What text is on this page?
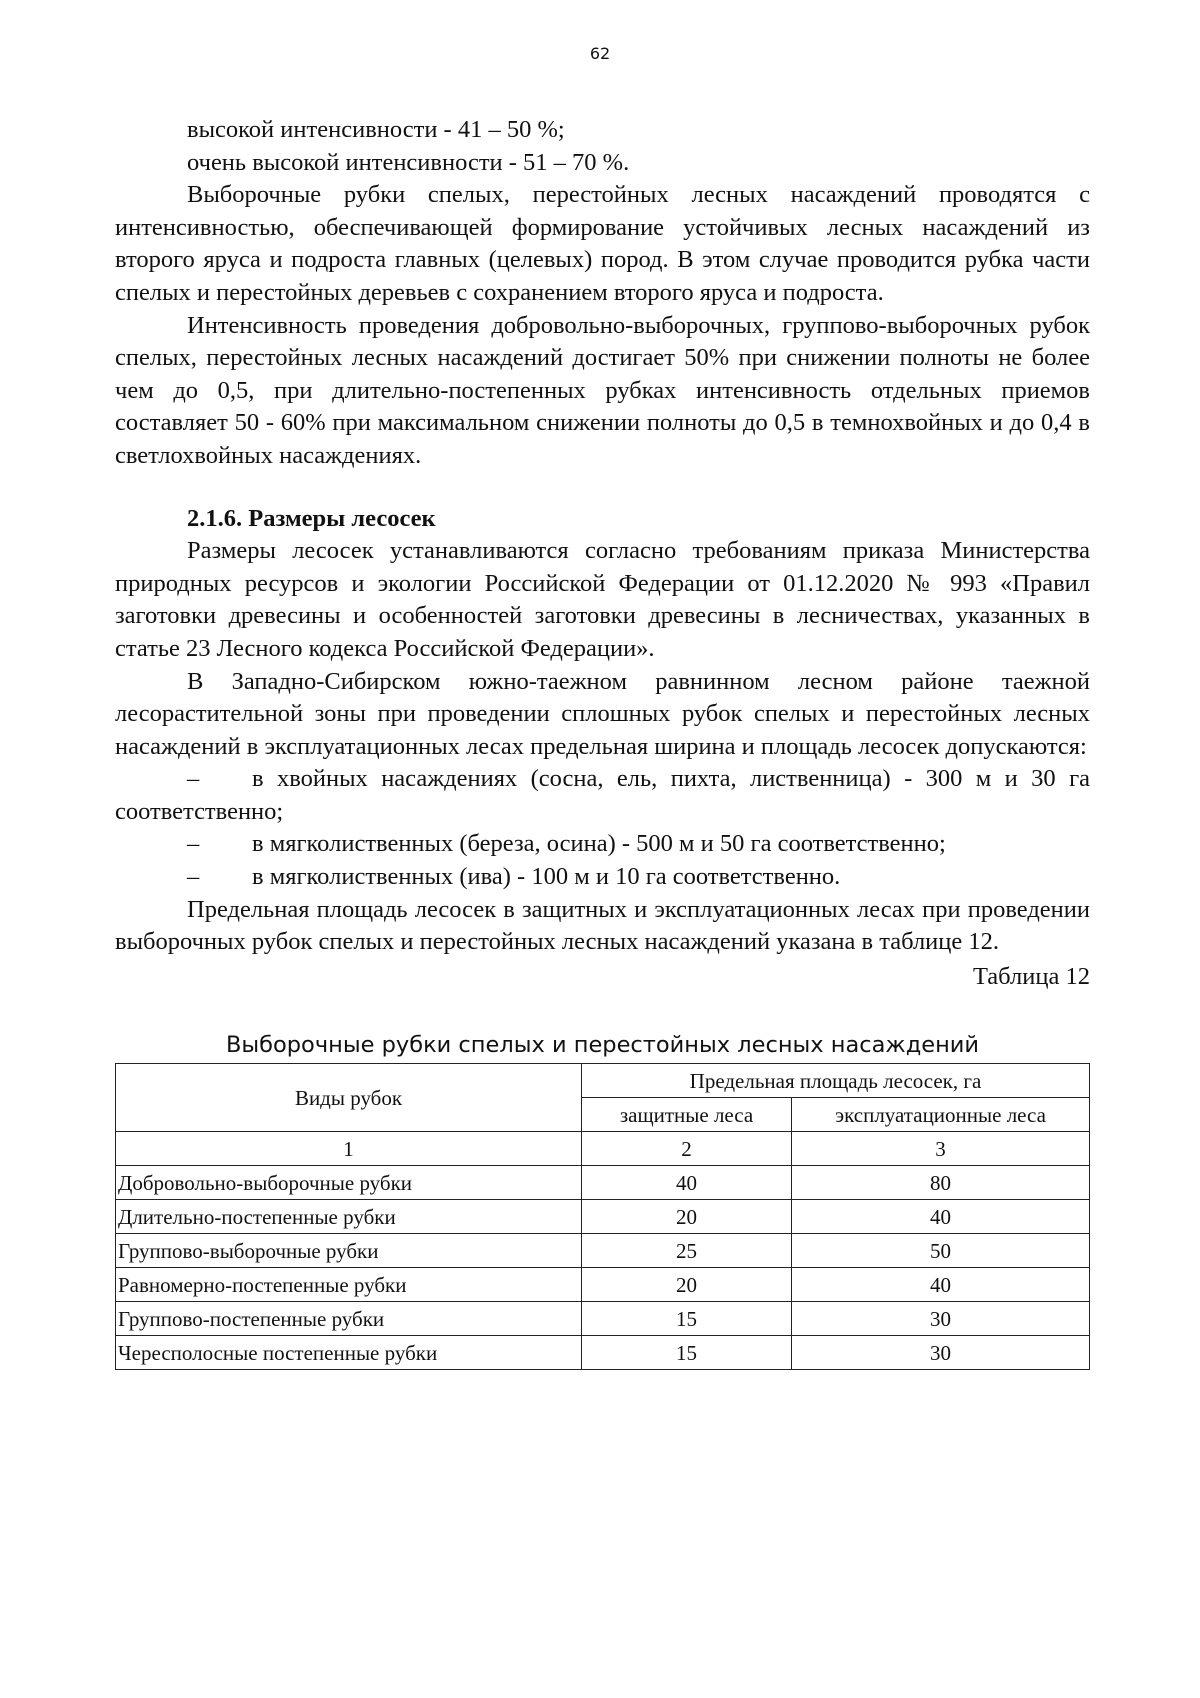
62

высокой интенсивности - 41 – 50 %;

очень высокой интенсивности - 51 – 70 %.

Выборочные рубки спелых, перестойных лесных насаждений проводятся с интенсивностью, обеспечивающей формирование устойчивых лесных насаждений из второго яруса и подроста главных (целевых) пород. В этом случае проводится рубка части спелых и перестойных деревьев с сохранением второго яруса и подроста.

Интенсивность проведения добровольно-выборочных, группово-выборочных рубок спелых, перестойных лесных насаждений достигает 50% при снижении полноты не более чем до 0,5, при длительно-постепенных рубках интенсивность отдельных приемов составляет 50 - 60% при максимальном снижении полноты до 0,5 в темнохвойных и до 0,4 в светлохвойных насаждениях.

2.1.6. Размеры лесосек

Размеры лесосек устанавливаются согласно требованиям приказа Министерства природных ресурсов и экологии Российской Федерации от 01.12.2020 № 993 «Правил заготовки древесины и особенностей заготовки древесины в лесничествах, указанных в статье 23 Лесного кодекса Российской Федерации».

В Западно-Сибирском южно-таежном равнинном лесном районе таежной лесорастительной зоны при проведении сплошных рубок спелых и перестойных лесных насаждений в эксплуатационных лесах предельная ширина и площадь лесосек допускаются:

– в хвойных насаждениях (сосна, ель, пихта, лиственница) - 300 м и 30 га соответственно;

– в мягколиственных (береза, осина) - 500 м и 50 га соответственно;

– в мягколиственных (ива) - 100 м и 10 га соответственно.

Предельная площадь лесосек в защитных и эксплуатационных лесах при проведении выборочных рубок спелых и перестойных лесных насаждений указана в таблице 12.

Таблица 12
Выборочные рубки спелых и перестойных лесных насаждений
Виды рубок	Предельная площадь лесосек, га	
	защитные леса	эксплуатационные леса
1	2	3
Добровольно-выборочные рубки	40	80
Длительно-постепенные рубки	20	40
Группово-выборочные рубки	25	50
Равномерно-постепенные рубки	20	40
Группово-постепенные рубки	15	30
Чересполосные постепенные рубки	15	30
